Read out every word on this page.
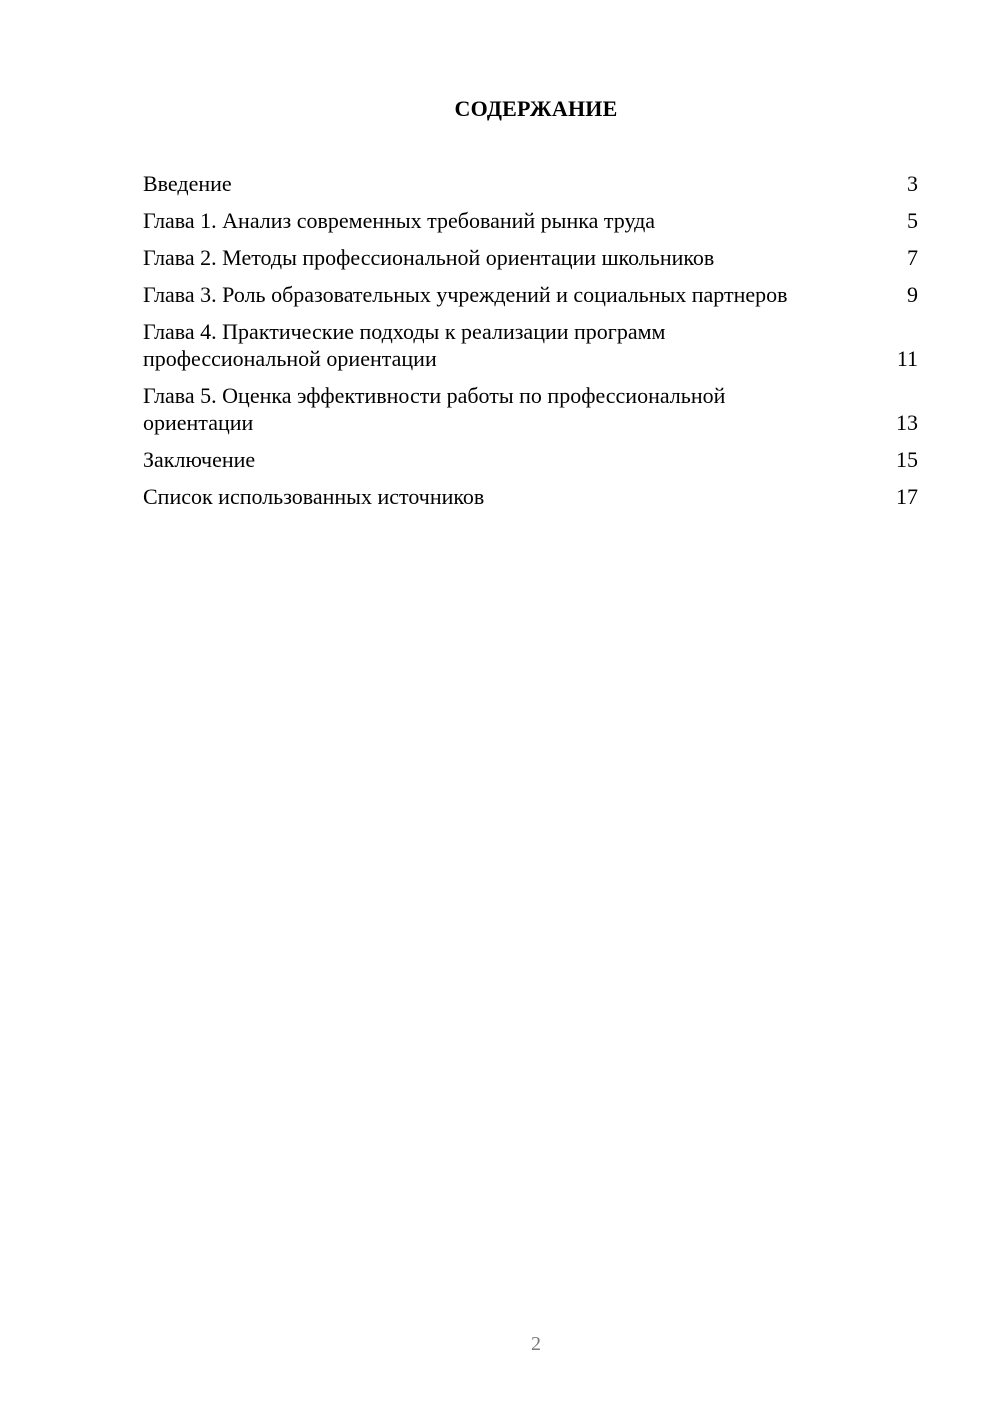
СОДЕРЖАНИЕ
Введение	3
Глава 1. Анализ современных требований рынка труда	5
Глава 2. Методы профессиональной ориентации школьников	7
Глава 3. Роль образовательных учреждений и социальных партнеров	9
Глава 4. Практические подходы к реализации программ профессиональной ориентации	11
Глава 5. Оценка эффективности работы по профессиональной ориентации	13
Заключение	15
Список использованных источников	17
2
